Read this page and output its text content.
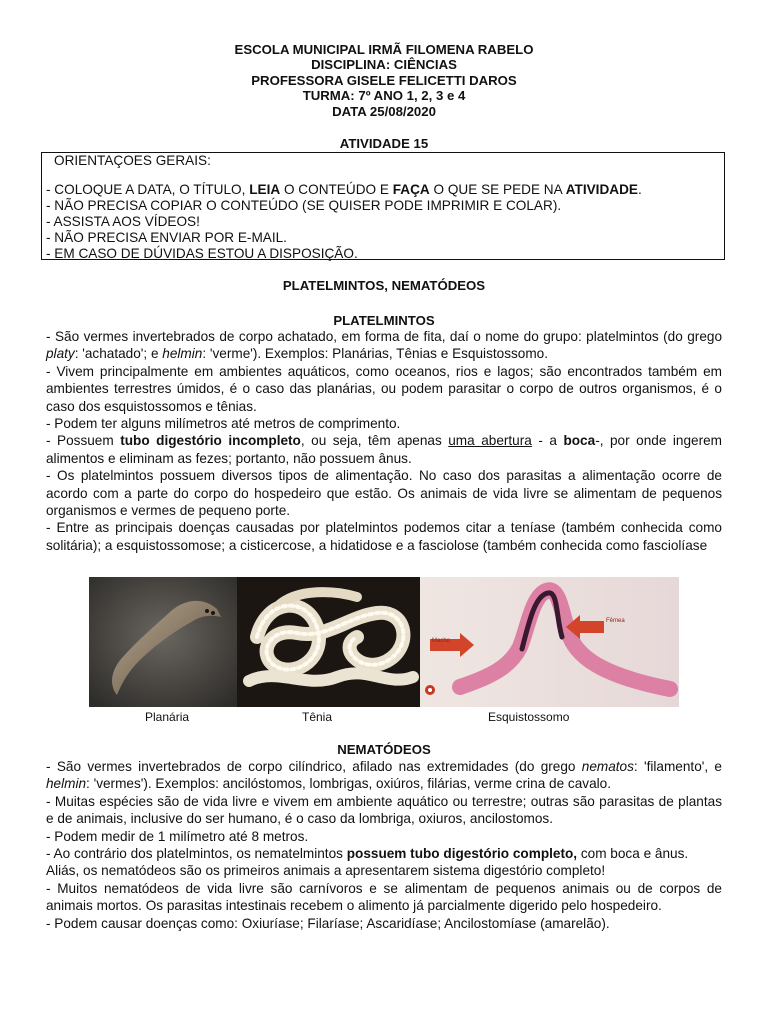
ESCOLA MUNICIPAL IRMÃ FILOMENA RABELO
DISCIPLINA: CIÊNCIAS
PROFESSORA GISELE FELICETTI DAROS
TURMA: 7º ANO 1, 2, 3 e 4
DATA 25/08/2020
ATIVIDADE 15
ORIENTAÇOES GERAIS:
- COLOQUE A DATA, O TÍTULO, LEIA O CONTEÚDO E FAÇA O QUE SE PEDE NA ATIVIDADE.
- NÃO PRECISA COPIAR O CONTEÚDO (SE QUISER PODE IMPRIMIR E COLAR).
- ASSISTA AOS VÍDEOS!
- NÃO PRECISA ENVIAR POR E-MAIL.
- EM CASO DE DÚVIDAS ESTOU A DISPOSIÇÃO.
PLATELMINTOS, NEMATÓDEOS
PLATELMINTOS

- São vermes invertebrados de corpo achatado, em forma de fita, daí o nome do grupo: platelmintos (do grego platy: 'achatado'; e helmin: 'verme'). Exemplos: Planárias, Tênias e Esquistossomo.

- Vivem principalmente em ambientes aquáticos, como oceanos, rios e lagos; são encontrados também em ambientes terrestres úmidos, é o caso das planárias, ou podem parasitar o corpo de outros organismos, é o caso dos esquistossomos e tênias.

- Podem ter alguns milímetros até metros de comprimento.

- Possuem tubo digestório incompleto, ou seja, têm apenas uma abertura - a boca-, por onde ingerem alimentos e eliminam as fezes; portanto, não possuem ânus.

- Os platelmintos possuem diversos tipos de alimentação. No caso dos parasitas a alimentação ocorre de acordo com a parte do corpo do hospedeiro que estão. Os animais de vida livre se alimentam de pequenos organismos e vermes de pequeno porte.

- Entre as principais doenças causadas por platelmintos podemos citar a teníase (também conhecida como solitária); a esquistossomose; a cisticercose, a hidatidose e a fasciolose (também conhecida como fasciolíase

Fêmea
Macho
Planária	Tênia	Esquistossomo
NEMATÓDEOS

- São vermes invertebrados de corpo cilíndrico, afilado nas extremidades (do grego nematos: 'filamento', e helmin: 'vermes'). Exemplos: ancilóstomos, lombrigas, oxiúros, filárias, verme crina de cavalo.

- Muitas espécies são de vida livre e vivem em ambiente aquático ou terrestre; outras são parasitas de plantas e de animais, inclusive do ser humano, é o caso da lombriga, oxiuros, ancilostomos.

- Podem medir de 1 milímetro até 8 metros.

- Ao contrário dos platelmintos, os nematelmintos possuem tubo digestório completo, com boca e ânus.

Aliás, os nematódeos são os primeiros animais a apresentarem sistema digestório completo!

- Muitos nematódeos de vida livre são carnívoros e se alimentam de pequenos animais ou de corpos de animais mortos. Os parasitas intestinais recebem o alimento já parcialmente digerido pelo hospedeiro.

- Podem causar doenças como: Oxiuríase; Filaríase; Ascaridíase; Ancilostomíase (amarelão).
